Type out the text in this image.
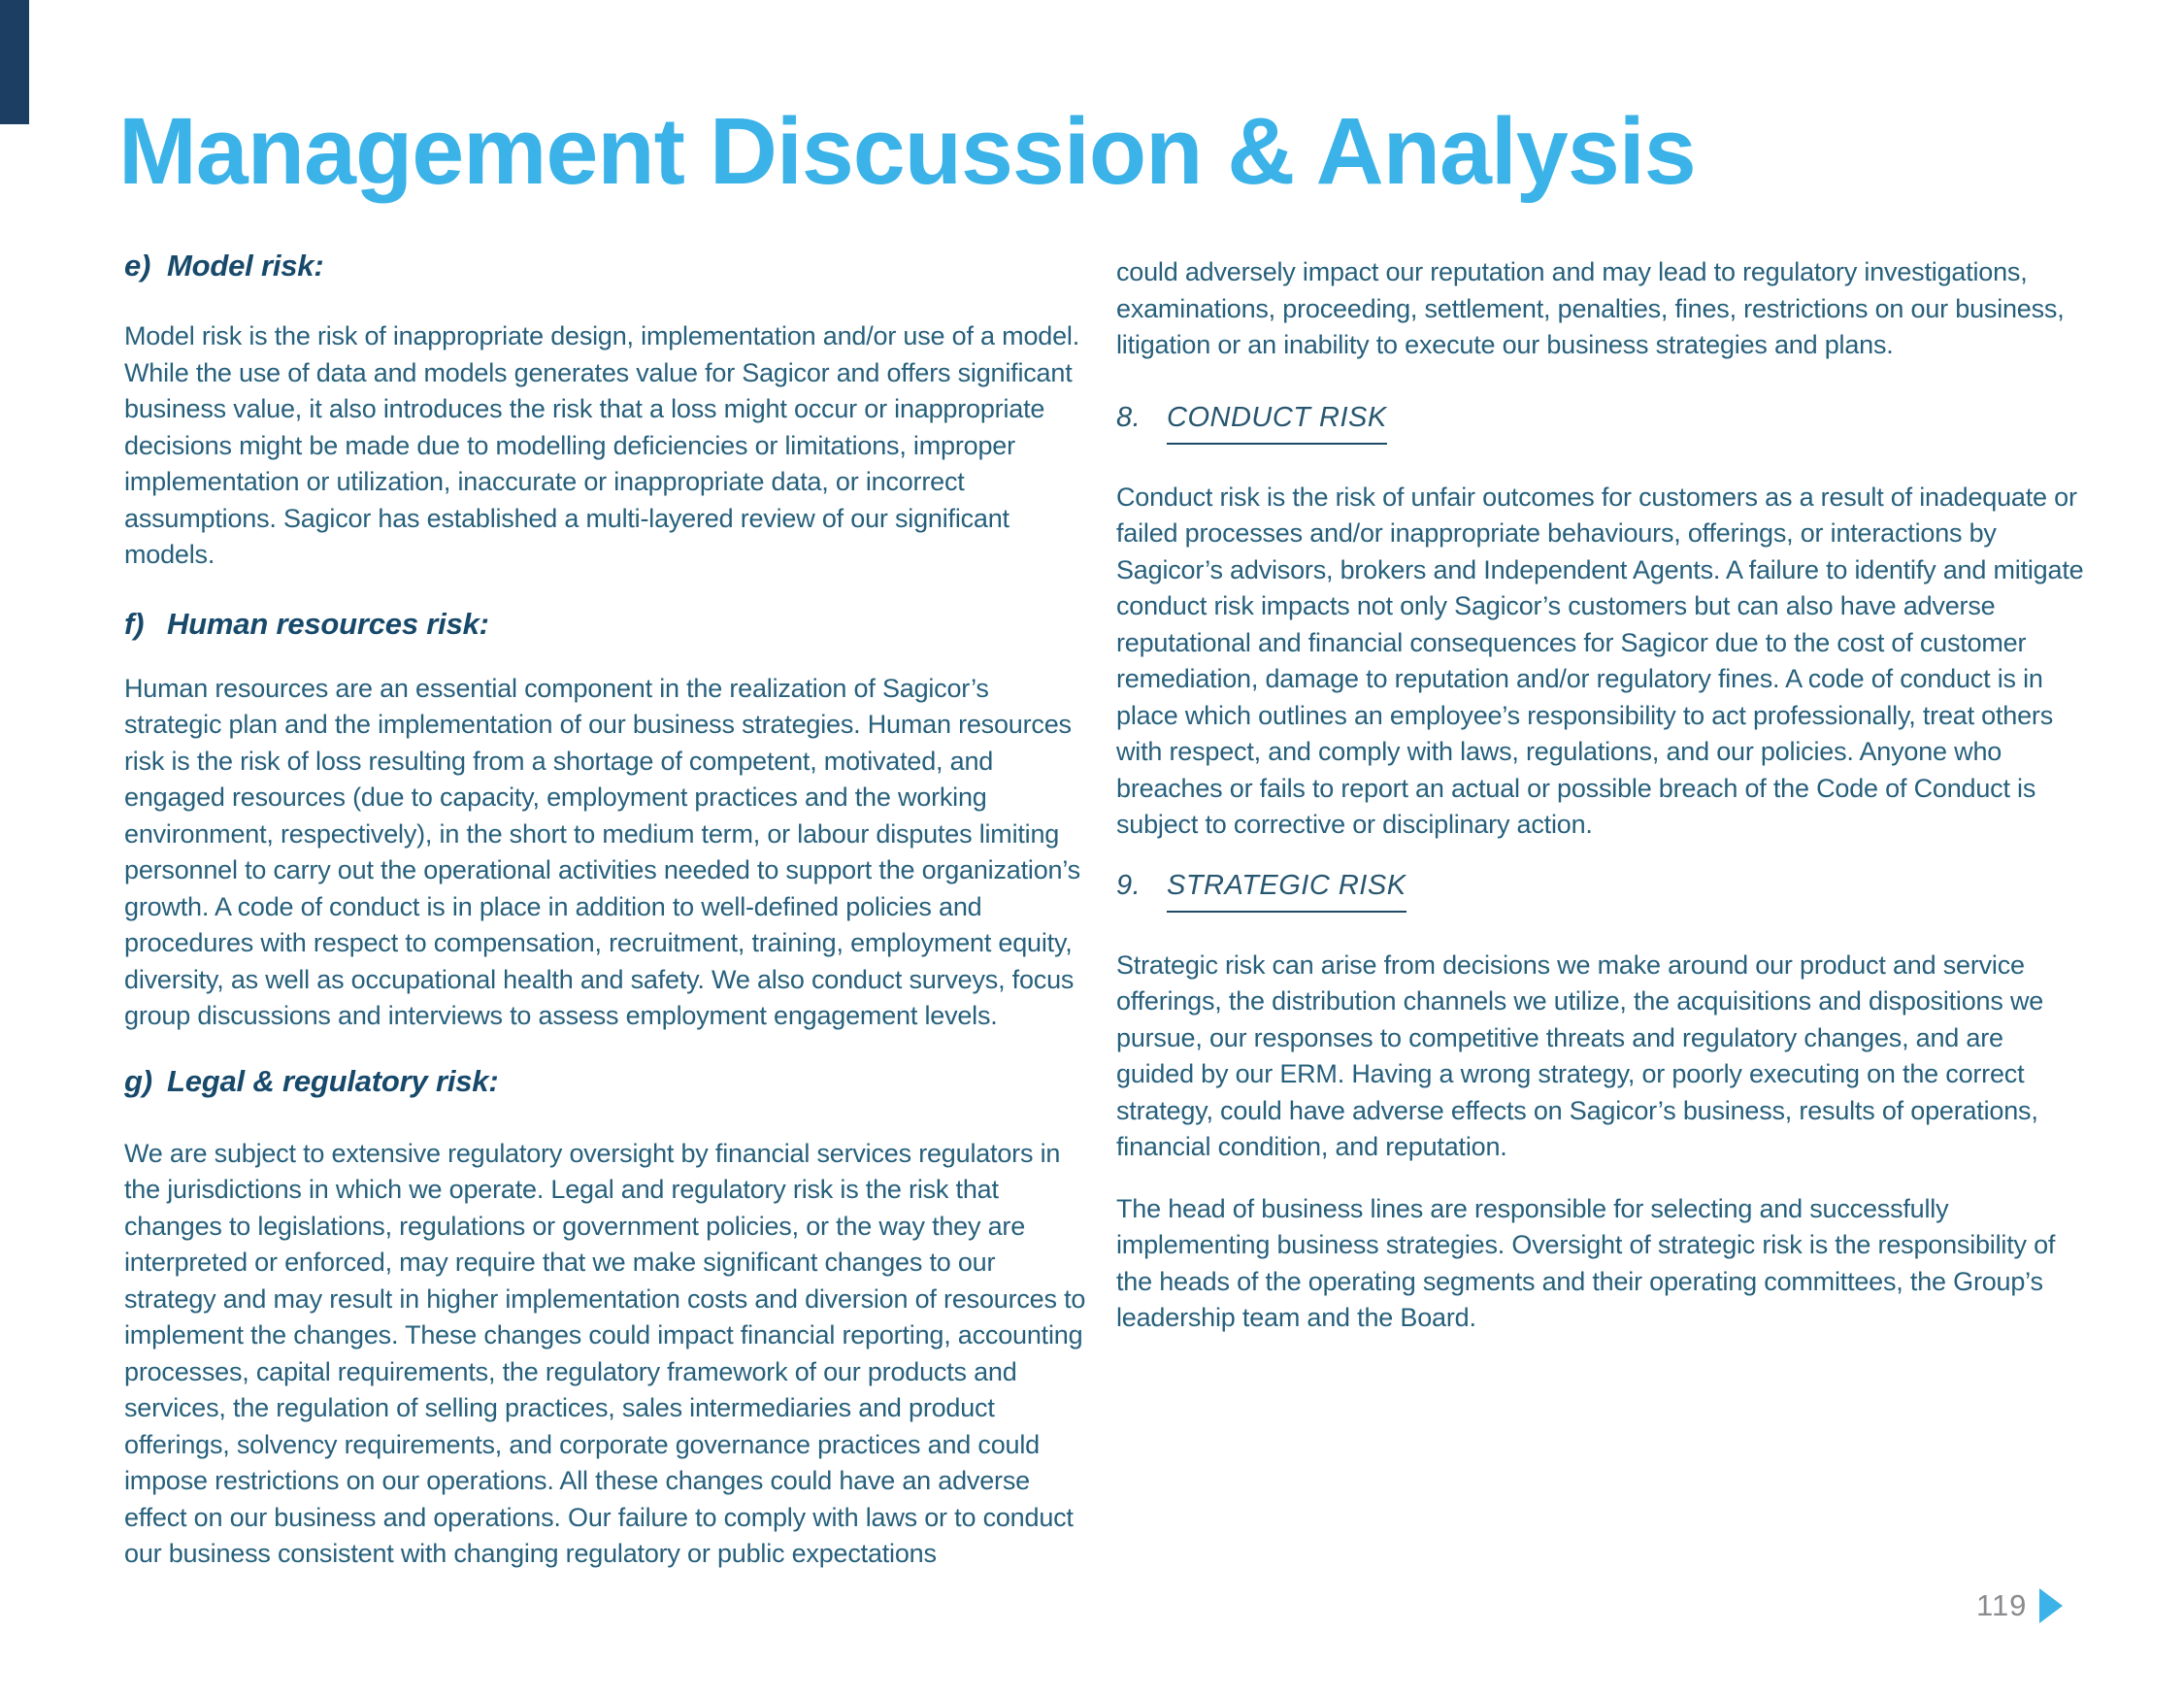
Management Discussion & Analysis
e) Model risk:

Model risk is the risk of inappropriate design, implementation and/or use of a model. While the use of data and models generates value for Sagicor and offers significant business value, it also introduces the risk that a loss might occur or inappropriate decisions might be made due to modelling deficiencies or limitations, improper implementation or utilization, inaccurate or inappropriate data, or incorrect assumptions. Sagicor has established a multi-layered review of our significant models.

f) Human resources risk:

Human resources are an essential component in the realization of Sagicor’s strategic plan and the implementation of our business strategies. Human resources risk is the risk of loss resulting from a shortage of competent, motivated, and engaged resources (due to capacity, employment practices and the working environment, respectively), in the short to medium term, or labour disputes limiting personnel to carry out the operational activities needed to support the organization’s growth. A code of conduct is in place in addition to well-defined policies and procedures with respect to compensation, recruitment, training, employment equity, diversity, as well as occupational health and safety. We also conduct surveys, focus group discussions and interviews to assess employment engagement levels.

g) Legal & regulatory risk:

We are subject to extensive regulatory oversight by financial services regulators in the jurisdictions in which we operate. Legal and regulatory risk is the risk that changes to legislations, regulations or government policies, or the way they are interpreted or enforced, may require that we make significant changes to our strategy and may result in higher implementation costs and diversion of resources to implement the changes. These changes could impact financial reporting, accounting processes, capital requirements, the regulatory framework of our products and services, the regulation of selling practices, sales intermediaries and product offerings, solvency requirements, and corporate governance practices and could impose restrictions on our operations. All these changes could have an adverse effect on our business and operations. Our failure to comply with laws or to conduct our business consistent with changing regulatory or public expectations

could adversely impact our reputation and may lead to regulatory investigations, examinations, proceeding, settlement, penalties, fines, restrictions on our business, litigation or an inability to execute our business strategies and plans.

8. CONDUCT RISK

Conduct risk is the risk of unfair outcomes for customers as a result of inadequate or failed processes and/or inappropriate behaviours, offerings, or interactions by Sagicor’s advisors, brokers and Independent Agents. A failure to identify and mitigate conduct risk impacts not only Sagicor’s customers but can also have adverse reputational and financial consequences for Sagicor due to the cost of customer remediation, damage to reputation and/or regulatory fines. A code of conduct is in place which outlines an employee’s responsibility to act professionally, treat others with respect, and comply with laws, regulations, and our policies. Anyone who breaches or fails to report an actual or possible breach of the Code of Conduct is subject to corrective or disciplinary action.

9. STRATEGIC RISK

Strategic risk can arise from decisions we make around our product and service offerings, the distribution channels we utilize, the acquisitions and dispositions we pursue, our responses to competitive threats and regulatory changes, and are guided by our ERM. Having a wrong strategy, or poorly executing on the correct strategy, could have adverse effects on Sagicor’s business, results of operations, financial condition, and reputation.

The head of business lines are responsible for selecting and successfully implementing business strategies. Oversight of strategic risk is the responsibility of the heads of the operating segments and their operating committees, the Group’s leadership team and the Board.

119
